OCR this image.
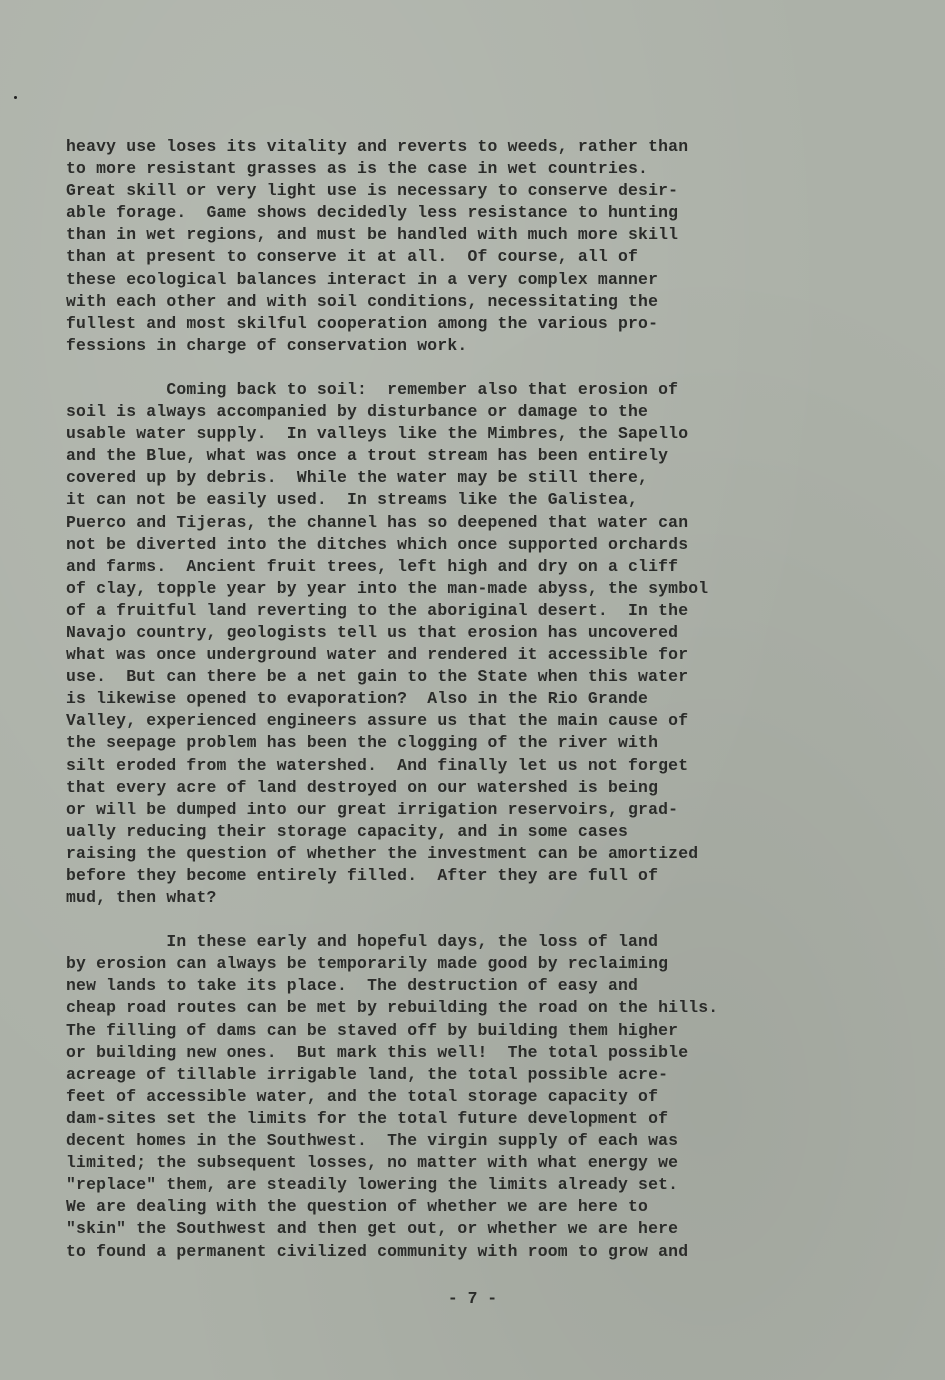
heavy use loses its vitality and reverts to weeds, rather than
to more resistant grasses as is the case in wet countries.
Great skill or very light use is necessary to conserve desir-
able forage.  Game shows decidedly less resistance to hunting
than in wet regions, and must be handled with much more skill
than at present to conserve it at all.  Of course, all of
these ecological balances interact in a very complex manner
with each other and with soil conditions, necessitating the
fullest and most skilful cooperation among the various pro-
fessions in charge of conservation work.
Coming back to soil:  remember also that erosion of
soil is always accompanied by disturbance or damage to the
usable water supply.  In valleys like the Mimbres, the Sapello
and the Blue, what was once a trout stream has been entirely
covered up by debris.  While the water may be still there,
it can not be easily used.  In streams like the Galistea,
Puerco and Tijeras, the channel has so deepened that water can
not be diverted into the ditches which once supported orchards
and farms.  Ancient fruit trees, left high and dry on a cliff
of clay, topple year by year into the man-made abyss, the symbol
of a fruitful land reverting to the aboriginal desert.  In the
Navajo country, geologists tell us that erosion has uncovered
what was once underground water and rendered it accessible for
use.  But can there be a net gain to the State when this water
is likewise opened to evaporation?  Also in the Rio Grande
Valley, experienced engineers assure us that the main cause of
the seepage problem has been the clogging of the river with
silt eroded from the watershed.  And finally let us not forget
that every acre of land destroyed on our watershed is being
or will be dumped into our great irrigation reservoirs, grad-
ually reducing their storage capacity, and in some cases
raising the question of whether the investment can be amortized
before they become entirely filled.  After they are full of
mud, then what?
In these early and hopeful days, the loss of land
by erosion can always be temporarily made good by reclaiming
new lands to take its place.  The destruction of easy and
cheap road routes can be met by rebuilding the road on the hills.
The filling of dams can be staved off by building them higher
or building new ones.  But mark this well!  The total possible
acreage of tillable irrigable land, the total possible acre-
feet of accessible water, and the total storage capacity of
dam-sites set the limits for the total future development of
decent homes in the Southwest.  The virgin supply of each was
limited; the subsequent losses, no matter with what energy we
"replace" them, are steadily lowering the limits already set.
We are dealing with the question of whether we are here to
"skin" the Southwest and then get out, or whether we are here
to found a permanent civilized community with room to grow and
- 7 -
